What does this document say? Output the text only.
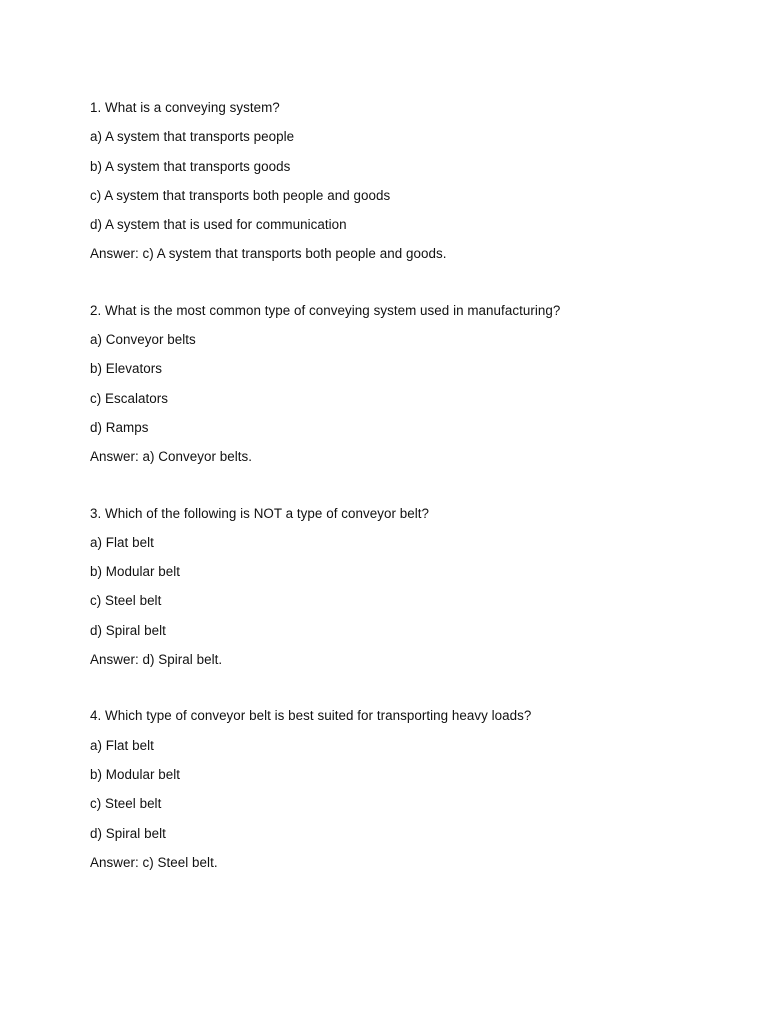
1. What is a conveying system?
a) A system that transports people
b) A system that transports goods
c) A system that transports both people and goods
d) A system that is used for communication
Answer: c) A system that transports both people and goods.
2. What is the most common type of conveying system used in manufacturing?
a) Conveyor belts
b) Elevators
c) Escalators
d) Ramps
Answer: a) Conveyor belts.
3. Which of the following is NOT a type of conveyor belt?
a) Flat belt
b) Modular belt
c) Steel belt
d) Spiral belt
Answer: d) Spiral belt.
4. Which type of conveyor belt is best suited for transporting heavy loads?
a) Flat belt
b) Modular belt
c) Steel belt
d) Spiral belt
Answer: c) Steel belt.
